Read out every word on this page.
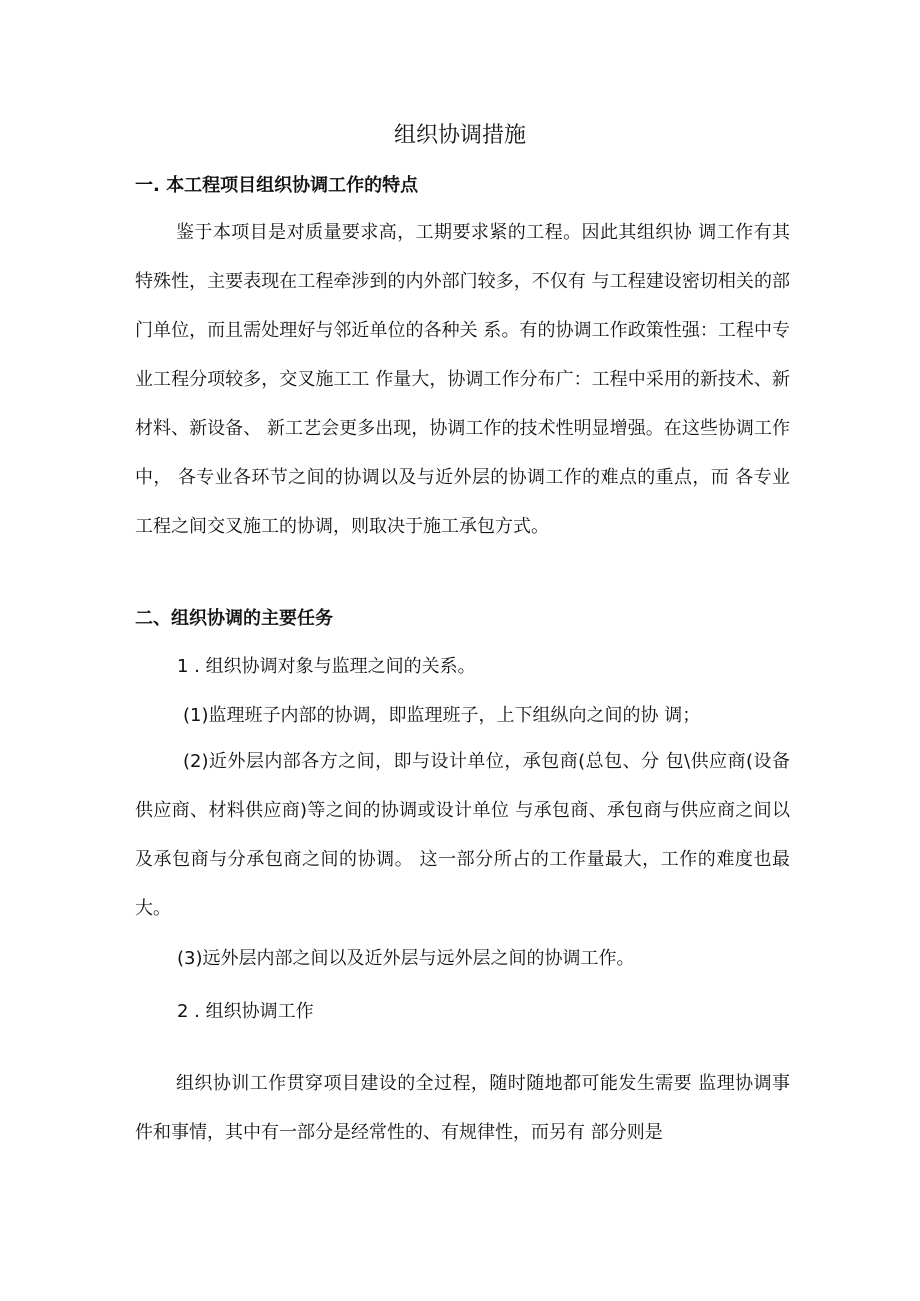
组织协调措施
一. 本工程项目组织协调工作的特点
鉴于本项目是对质量要求高，工期要求紧的工程。因此其组织协 调工作有其特殊性，主要表现在工程牵涉到的内外部门较多，不仅有 与工程建设密切相关的部门单位，而且需处理好与邻近单位的各种关 系。有的协调工作政策性强：工程中专业工程分项较多，交叉施工工 作量大，协调工作分布广：工程中采用的新技术、新材料、新设备、 新工艺会更多出现，协调工作的技术性明显增强。在这些协调工作中， 各专业各环节之间的协调以及与近外层的协调工作的难点的重点，而 各专业工程之间交叉施工的协调，则取决于施工承包方式。
二、组织协调的主要任务
1 . 组织协调对象与监理之间的关系。
(1)监理班子内部的协调，即监理班子，上下组纵向之间的协 调；
(2)近外层内部各方之间，即与设计单位，承包商(总包、分 包\供应商(设备供应商、材料供应商)等之间的协调或设计单位 与承包商、承包商与供应商之间以及承包商与分承包商之间的协调。 这一部分所占的工作量最大，工作的难度也最大。
(3)远外层内部之间以及近外层与远外层之间的协调工作。
2 . 组织协调工作
组织协训工作贯穿项目建设的全过程，随时随地都可能发生需要 监理协调事件和事情，其中有一部分是经常性的、有规律性，而另有 部分则是
